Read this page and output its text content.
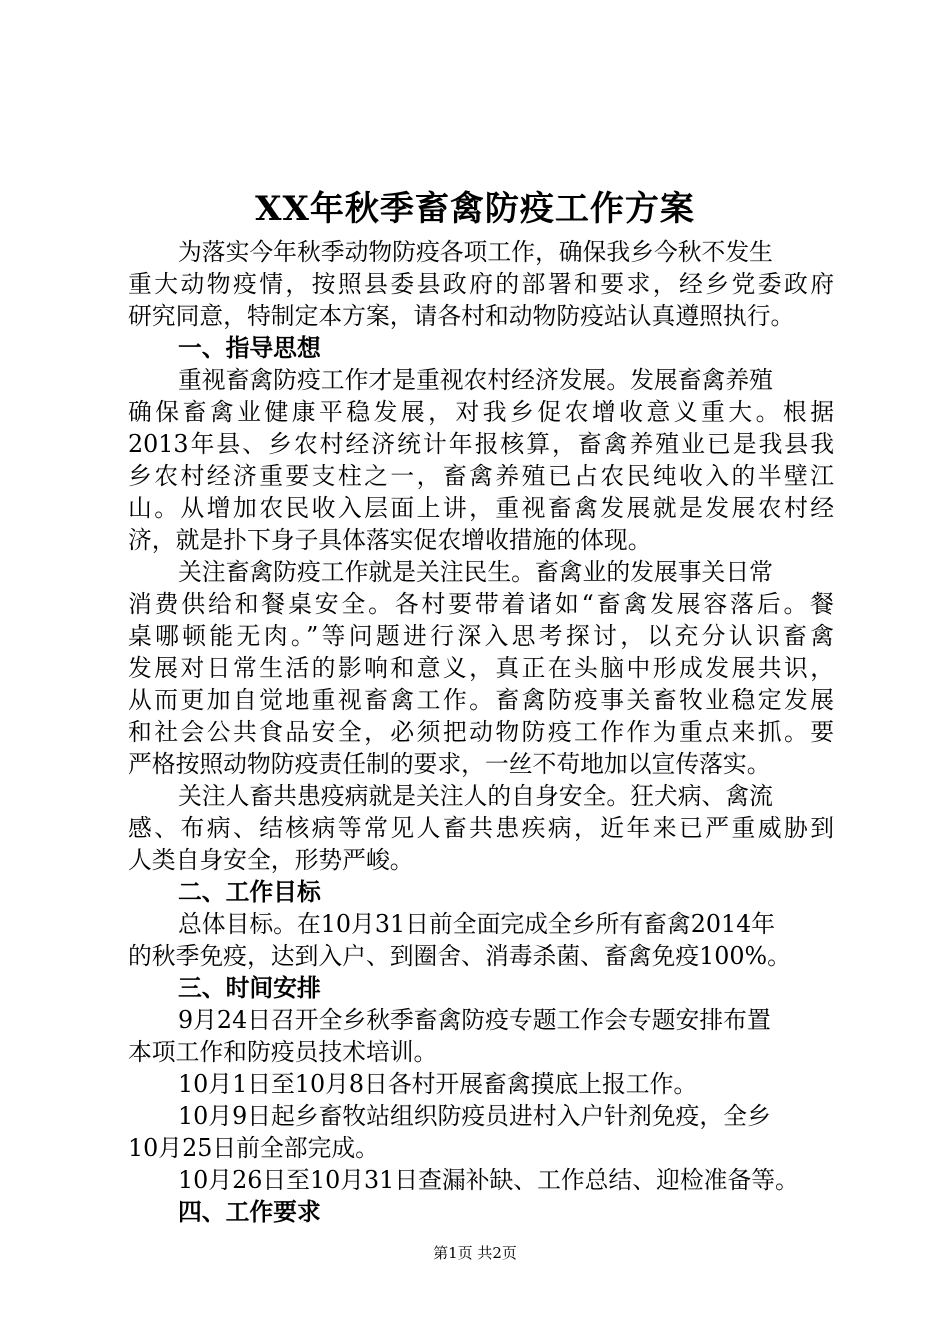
XX年秋季畜禽防疫工作方案
为落实今年秋季动物防疫各项工作，确保我乡今秋不发生
重大动物疫情，按照县委县政府的部署和要求，经乡党委政府
研究同意，特制定本方案，请各村和动物防疫站认真遵照执行。
一、指导思想
重视畜禽防疫工作才是重视农村经济发展。发展畜禽养殖
确保畜禽业健康平稳发展，对我乡促农增收意义重大。根据
2013年县、乡农村经济统计年报核算，畜禽养殖业已是我县我
乡农村经济重要支柱之一，畜禽养殖已占农民纯收入的半壁江
山。从增加农民收入层面上讲，重视畜禽发展就是发展农村经
济，就是扑下身子具体落实促农增收措施的体现。
关注畜禽防疫工作就是关注民生。畜禽业的发展事关日常
消费供给和餐桌安全。各村要带着诸如“畜禽发展容落后。餐
桌哪顿能无肉。”等问题进行深入思考探讨，以充分认识畜禽
发展对日常生活的影响和意义，真正在头脑中形成发展共识，
从而更加自觉地重视畜禽工作。畜禽防疫事关畜牧业稳定发展
和社会公共食品安全，必须把动物防疫工作作为重点来抓。要
严格按照动物防疫责任制的要求，一丝不苟地加以宣传落实。
关注人畜共患疫病就是关注人的自身安全。狂犬病、禽流
感、布病、结核病等常见人畜共患疾病，近年来已严重威胁到
人类自身安全，形势严峻。
二、工作目标
总体目标。在10月31日前全面完成全乡所有畜禽2014年
的秋季免疫，达到入户、到圈舍、消毒杀菌、畜禽免疫100%。
三、时间安排
9月24日召开全乡秋季畜禽防疫专题工作会专题安排布置
本项工作和防疫员技术培训。
10月1日至10月8日各村开展畜禽摸底上报工作。
10月9日起乡畜牧站组织防疫员进村入户针剂免疫，全乡
10月25日前全部完成。
10月26日至10月31日查漏补缺、工作总结、迎检准备等。
四、工作要求
第1页 共2页
